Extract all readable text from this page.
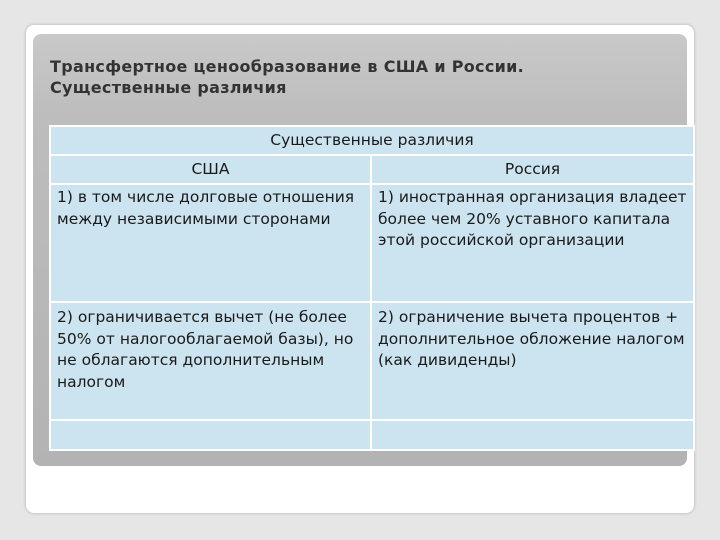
Трансфертное ценообразование в США и России.
Существенные различия
Существенные различия	
США	Россия
1) в том числе долговые отношения между независимыми сторонами	1) иностранная организация владеет более чем 20% уставного капитала этой российской организации
2) ограничивается вычет (не более 50% от налогооблагаемой базы), но не облагаются дополнительным налогом	2) ограничение вычета процентов + дополнительное обложение налогом (как дивиденды)
